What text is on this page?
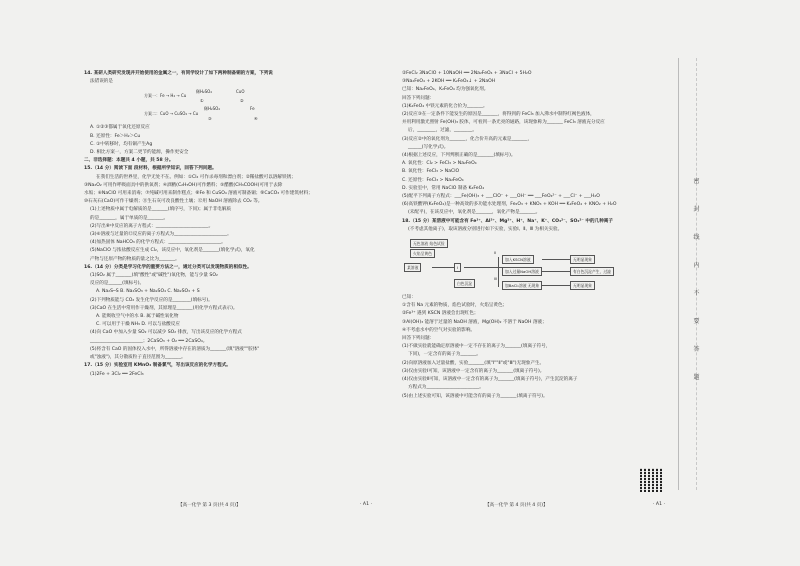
14. 某研人类研究发现并开始使用的金属之一，有同学设计了如下两种制备铜的方案，下列说

法错误的是

方案一：Fe → H₂ → Cu
稀H₂SO₄	CuO
①	②
方案二：CuO → CuSO₄ → Cu
稀H₂SO₄	Fe
③	④

A. ①②③都属于氧化还原反应

B. 还原性：Fe＞H₂＞Cu

C. ①中转移时，均有铜产生Ag

D. 相比方案一，方案二更节约能源，操作更安全

二、非选择题：本题共 4 小题，共 58 分。

15.（14 分）阅读下面 段材料，根据所学知识，回答下列问题。

在我们生活的世界里，化学无处不在。例如：①Cl₂ 可作杀毒剂和漂白剂；②稀盐酸可以溶解铁锈；

③Na₂O₂ 可用作呼吸面具中的供氧剂；④酒精(C₂H₅OH)可作燃料；⑤醋酸(CH₃COOH)可用于去除

水垢；⑥NaClO 可用来消毒；⑦纯碱可用来制作糕点；⑧Fe 和 CuSO₄ 溶液可制备铜；⑨CaCO₃ 可作建筑材料；

⑩石灰石(CaO)可作干燥剂；⑪生石灰可改良酸性土壤；⑫用 NaOH 溶液除去 CO₂ 等。

(1)上述物质中属于电解质的是_______(填序号，下同)；属于非电解质

的是_______，属于单质的是_______。

(2)写出⑧中反应的离子方程式：_______________________。

(3)⑥溶液与过量的⑫反应的离子方程式为_______________________。

(4)加热固体 NaHCO₃ 的化学方程式：_______________________。

(5)NaClO 与浓盐酸反应生成 Cl₂，该反应中，氧化剂是_______(填化学式)，氧化

产物与还原产物的物质的量之比为_______。

16.（14 分）分类是学习化学的重要方法之一，通过分类可以发现物质的相似性。

(1)SO₂ 属于_______(填"酸性"或"碱性")氧化物，能与少量 SO₂

反应的是______(填标号)。

A. Na₂S─S B. Na₂SO₃ + Na₂SO₄ C. Na₂SO₃ + S

(2)下列物质能与 CO₂ 发生化学反应的是________(填标号)。

(3)CaO 在生活中常用作干燥剂，其原理是_______(用化学方程式表示)。

A. 能吸收空气中的水 B. 属于碱性氧化物

C. 可以用于干燥 NH₃ D. 可以与盐酸反应

(4)向 CaO 中加入少量 SO₂ 可以减少 SO₂ 排放，写出该反应的化学方程式

_______________________；2CaSO₃ + O₂ ══ 2CaSO₄。

(5)将含有 CaO 的固体投入水中，所得溶液中存在的溶质为_______(填"溶液""胶体"

或"浊液")，其分散质粒子直径范围为_______。

17.（15 分）实验室用 KMnO₄ 制备氯气，写出该反应的化学方程式。

(1)2Fe + 3Cl₂ ══ 2FeCl₃

②FeCl₂ 3NaClO + 10NaOH ══ 2Na₂FeO₄ + 3NaCl + 5H₂O

③Na₂FeO₄ + 2KOH ══ K₂FeO₄↓ + 2NaOH

已知：Na₂FeO₄、K₂FeO₄ 均为强氧化剂。

回答下列问题：

(1)K₂FeO₄ 中铁元素的化合价为_______。

(2)反应③在一定条件下能发生的原因是_______，将得到的 FeCl₃ 加入沸水中制得红褐色液体，

并用利用激光照射 Fe(OH)₃ 胶体，可看到一条光亮的通路，该现象称为_______ FeCl₃ 溶液充分反应

后，________，过滤，________。

(3)反应②中的氧化剂为_______，化合价升高的元素是_______，

______(写化学式)。

(4)根据上述反应，下列判断正确的是_______(填标号)。

A. 氧化性：Cl₂ > FeCl₃ > Na₂FeO₄

B. 氧化性：FeCl₃ > NaClO

C. 还原性：FeCl₃ > Na₂FeO₄

D. 实验室中，常用 NaClO 制备 K₂FeO₄

(5)配平下列离子方程式：___Fe(OH)₃ + ___ClO⁻ + ___OH⁻ ══ ___FeO₄²⁻ + ___Cl⁻ + ___H₂O

(6)高铁酸钾(K₂FeO₄)是一种高效的多功能水处理剂，Fe₂O₃ + KNO₃ + KOH ══ K₂FeO₄ + KNO₂ + H₂O

(未配平)，在该反应中，氧化剂是_______，氧化产物是_______。

18.（15 分）某溶液中可能含有 Fe³⁺、Al³⁺、Mg²⁺、H⁺、Na⁺、K⁺、CO₃²⁻、SO₄²⁻ 中的几种离子

(不考虑其他离子)，取该溶液分别进行如下实验，实验Ⅰ、Ⅱ、Ⅲ 为相关实验。

无色溶液 焰色试验
火焰呈黄色
某溶液	I
加入KSCN溶液	无明显现象
加入过量NaOH溶液	有白色沉淀产生，过滤
白色沉淀	加BaCl₂溶液 无现象	无明显现象
II
III

已知：

①含有 Na 元素的物质，焰色试验时，火焰呈黄色；

②Fe³⁺ 遇到 KSCN 溶液会出现红色；

③Al(OH)₃ 能溶于过量的 NaOH 溶液，Mg(OH)₂ 不溶于 NaOH 溶液；

④不考虑水中的空气对实验的影响。

回答下列问题：

(1)不做实验就能确定原溶液中一定不存在的离子为_______(填离子符号，

下同)，一定含有的离子为_______。

(2)向原溶液加入过量盐酸，实验_______(填"Ⅰ""Ⅱ"或"Ⅲ")无现象产生。

(3)仅由实验Ⅰ可知，该溶液中一定含有的离子为_______(填离子符号)。

(4)仅由实验Ⅱ可知，该溶液中一定含有的离子为_______(填离子符号)，产生沉淀的离子

方程式为_______________________。

(5)由上述实验可知，该溶液中可能含有的离子为_______(填离子符号)。

【高一化学 第 3 页(共 4 页)】	· A1 ·	【高一化学 第 4 页(共 4 页)】	· A1 ·
密
封
线
内
不
要
答
题
